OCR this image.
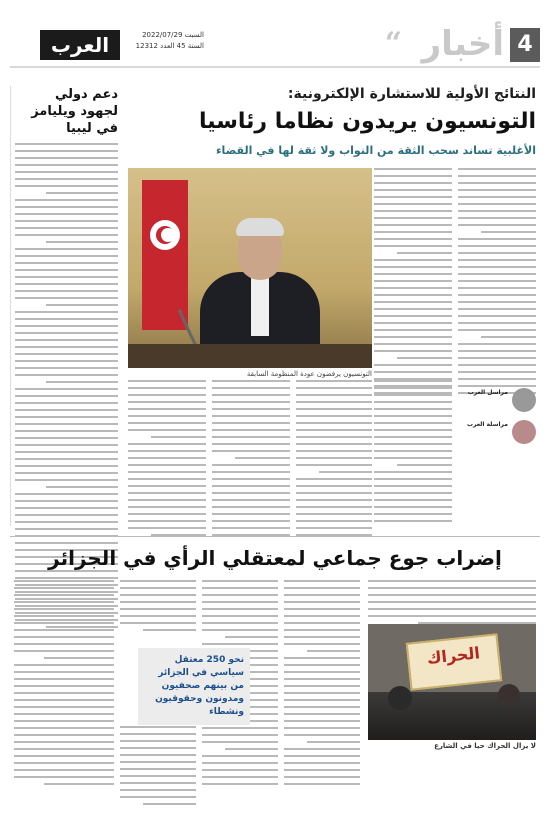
4
أخبار
“
العرب	السبت 2022/07/29
السنة 45 العدد 12312
النتائج الأولية للاستشارة الإلكترونية:
التونسيون يريدون نظاما رئاسيا
الأغلبية تساند سحب الثقة من النواب ولا ثقة لها في القضاء
دعم دولي لجهود ويليامز في ليبيا
التونسيون يرفضون عودة المنظومة السابقة
مراسل العرب
مراسلة العرب
إضراب جوع جماعي لمعتقلي الرأي في الجزائر
الحراك
لا يزال الحراك حيا في الشارع
نحو 250 معتقل سياسي في الجزائر من بينهم صحفيون ومدونون وحقوقيون ونشطاء
